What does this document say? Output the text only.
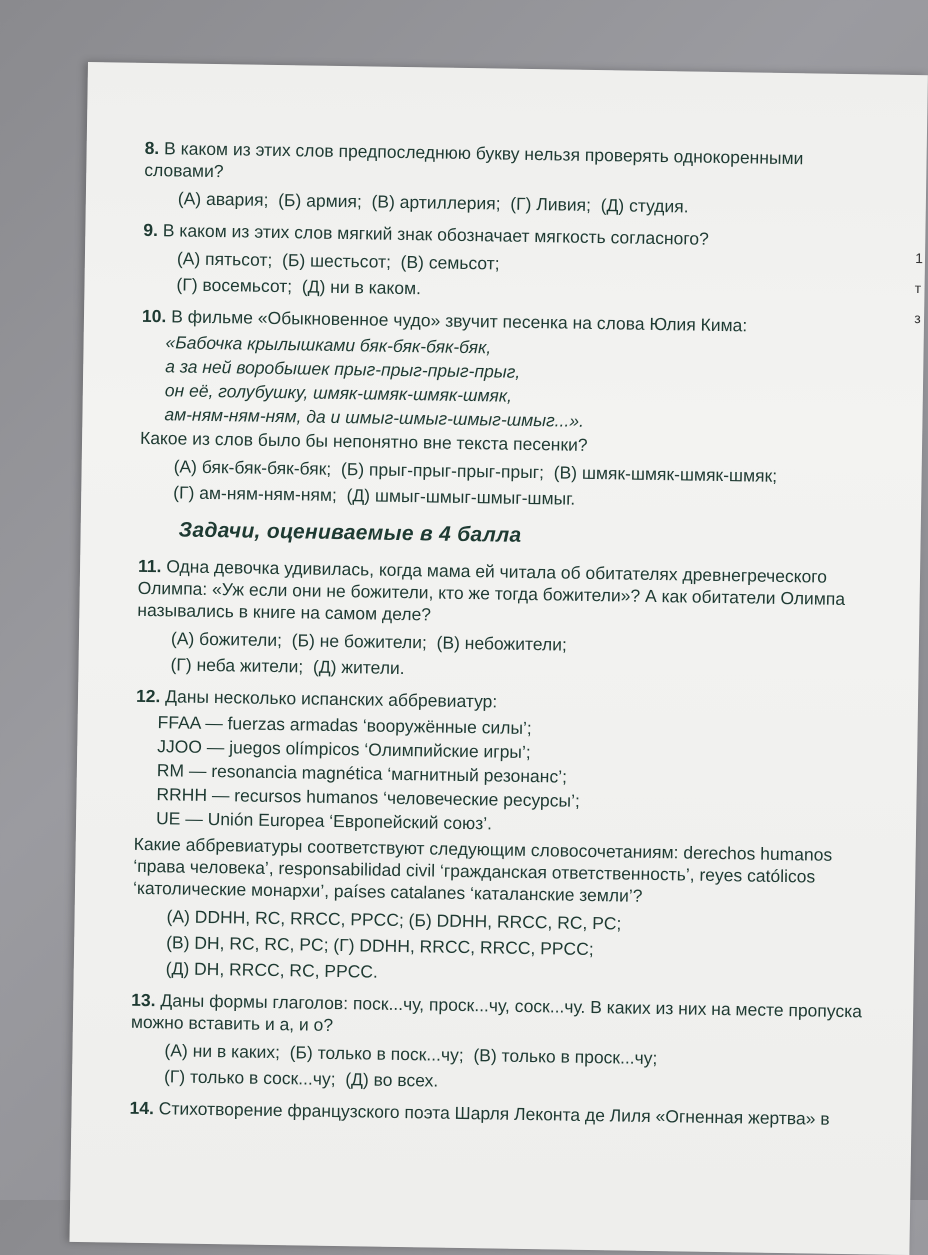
1
т
з
8. В каком из этих слов предпоследнюю букву нельзя проверять однокоренными словами?
(А) авария; (Б) армия; (В) артиллерия; (Г) Ливия; (Д) студия.
9. В каком из этих слов мягкий знак обозначает мягкость согласного?
(А) пятьсот; (Б) шестьсот; (В) семьсот;
(Г) восемьсот; (Д) ни в каком.
10. В фильме «Обыкновенное чудо» звучит песенка на слова Юлия Кима:
«Бабочка крылышками бяк-бяк-бяк-бяк,
а за ней воробышек прыг-прыг-прыг-прыг,
он её, голубушку, шмяк-шмяк-шмяк-шмяк,
ам-ням-ням-ням, да и шмыг-шмыг-шмыг-шмыг...».
Какое из слов было бы непонятно вне текста песенки?
(А) бяк-бяк-бяк-бяк; (Б) прыг-прыг-прыг-прыг; (В) шмяк-шмяк-шмяк-шмяк;
(Г) ам-ням-ням-ням; (Д) шмыг-шмыг-шмыг-шмыг.
Задачи, оцениваемые в 4 балла
11. Одна девочка удивилась, когда мама ей читала об обитателях древнегреческого Олимпа: «Уж если они не божители, кто же тогда божители»? А как обитатели Олимпа назывались в книге на самом деле?
(А) божители; (Б) не божители; (В) небожители;
(Г) неба жители; (Д) жители.
12. Даны несколько испанских аббревиатур:
FFAA — fuerzas armadas ‘вооружённые силы’;
JJOO — juegos olímpicos ‘Олимпийские игры’;
RM — resonancia magnética ‘магнитный резонанс’;
RRHH — recursos humanos ‘человеческие ресурсы’;
UE — Unión Europea ‘Европейский союз’.
Какие аббревиатуры соответствуют следующим словосочетаниям: derechos humanos ‘права человека’, responsabilidad civil ‘гражданская ответственность’, reyes católicos ‘католические монархи’, países catalanes ‘каталанские земли’?
(А) DDHH, RC, RRCC, PPCC; (Б) DDHH, RRCC, RC, PC;
(В) DH, RC, RC, PC; (Г) DDHH, RRCC, RRCC, PPCC;
(Д) DH, RRCC, RC, PPCC.
13. Даны формы глаголов: поск...чу, проск...чу, соск...чу. В каких из них на месте пропуска можно вставить и а, и о?
(А) ни в каких; (Б) только в поск...чу; (В) только в проск...чу;
(Г) только в соск...чу; (Д) во всех.
14. Стихотворение французского поэта Шарля Леконта де Лиля «Огненная жертва» в
